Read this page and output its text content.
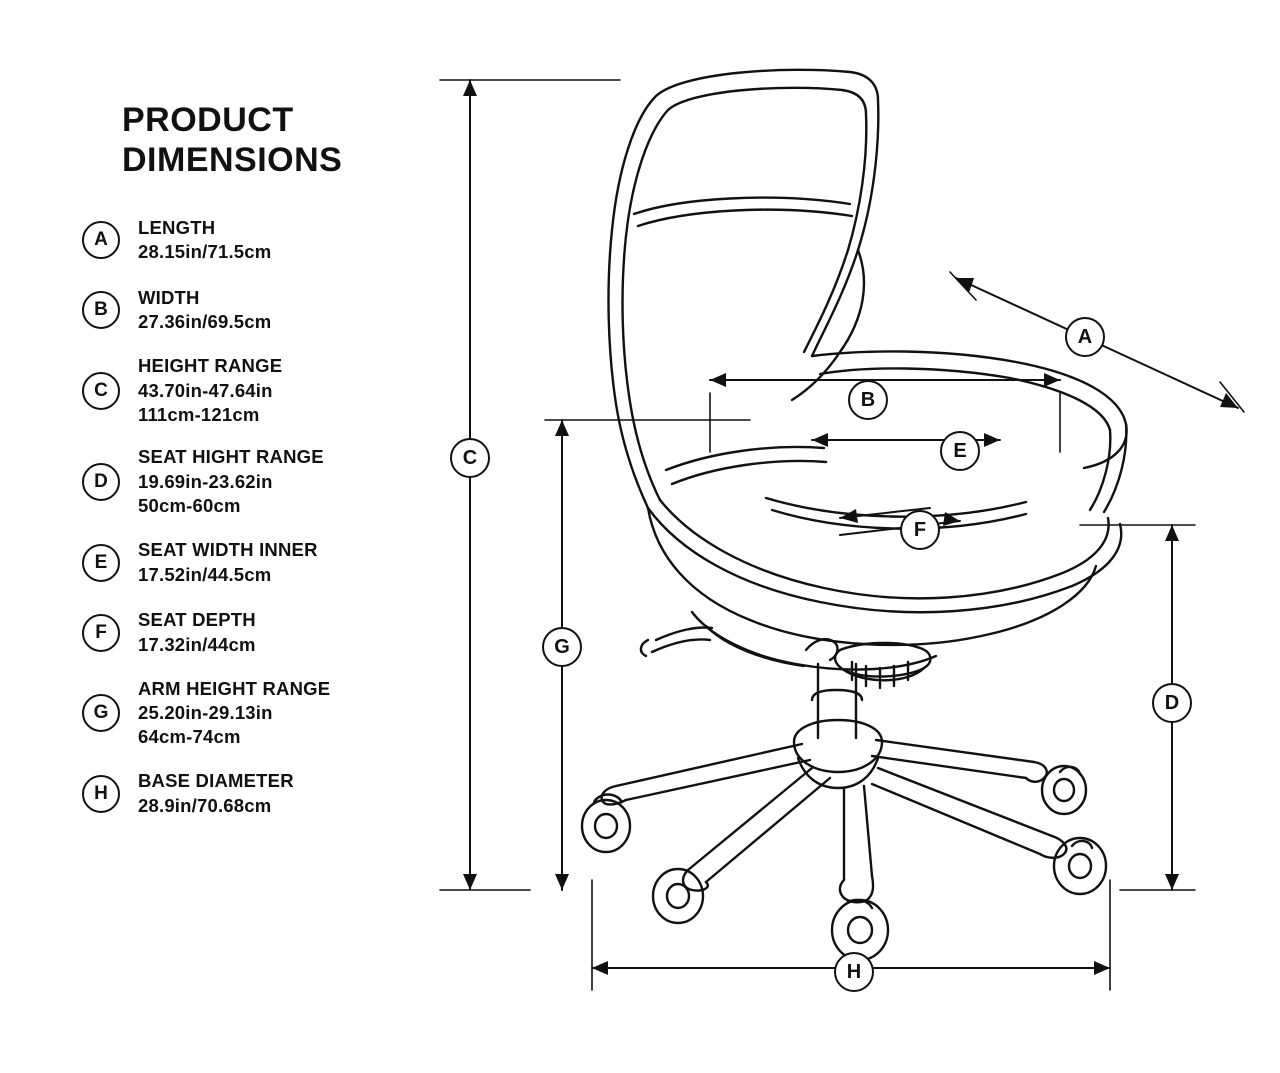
PRODUCT
DIMENSIONS
A
LENGTH
28.15in/71.5cm
B
WIDTH
27.36in/69.5cm
C
HEIGHT RANGE
43.70in-47.64in
111cm-121cm
D
SEAT HIGHT RANGE
19.69in-23.62in
50cm-60cm
E
SEAT WIDTH INNER
17.52in/44.5cm
F
SEAT DEPTH
17.32in/44cm
G
ARM HEIGHT RANGE
25.20in-29.13in
64cm-74cm
H
BASE DIAMETER
28.9in/70.68cm
A
B
C
D
E
F
G
H
